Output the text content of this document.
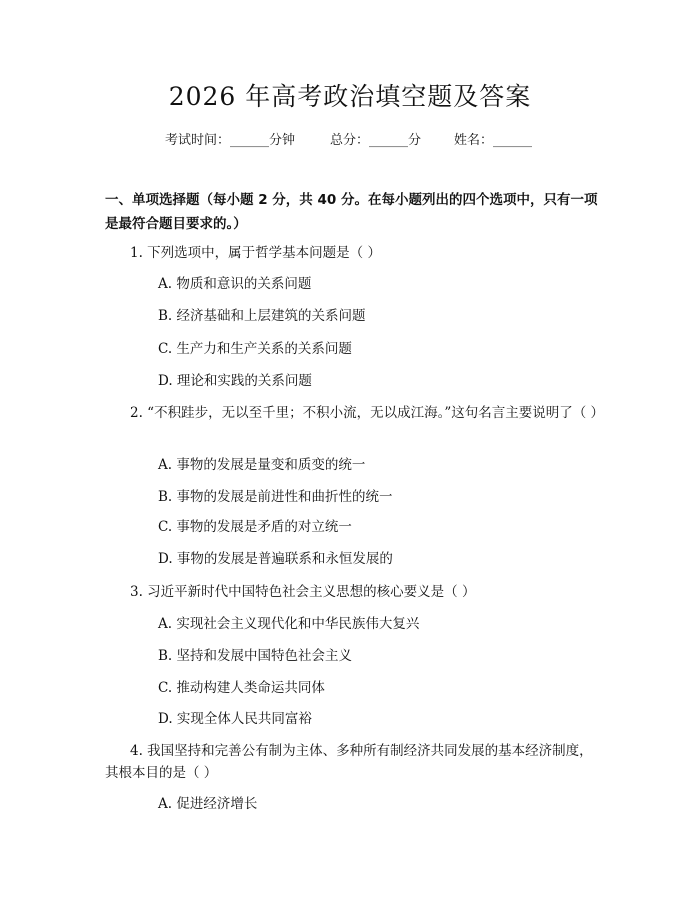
2026 年高考政治填空题及答案
考试时间：______分钟	总分：______分	姓名：______
一、单项选择题（每小题 2 分，共 40 分。在每小题列出的四个选项中，只有一项是最符合题目要求的。）
1. 下列选项中，属于哲学基本问题是（ ）
A. 物质和意识的关系问题
B. 经济基础和上层建筑的关系问题
C. 生产力和生产关系的关系问题
D. 理论和实践的关系问题
2. “不积跬步，无以至千里；不积小流，无以成江海。”这句名言主要说明了（ ）
A. 事物的发展是量变和质变的统一
B. 事物的发展是前进性和曲折性的统一
C. 事物的发展是矛盾的对立统一
D. 事物的发展是普遍联系和永恒发展的
3. 习近平新时代中国特色社会主义思想的核心要义是（ ）
A. 实现社会主义现代化和中华民族伟大复兴
B. 坚持和发展中国特色社会主义
C. 推动构建人类命运共同体
D. 实现全体人民共同富裕
4. 我国坚持和完善公有制为主体、多种所有制经济共同发展的基本经济制度，其根本目的是（ ）
A. 促进经济增长
